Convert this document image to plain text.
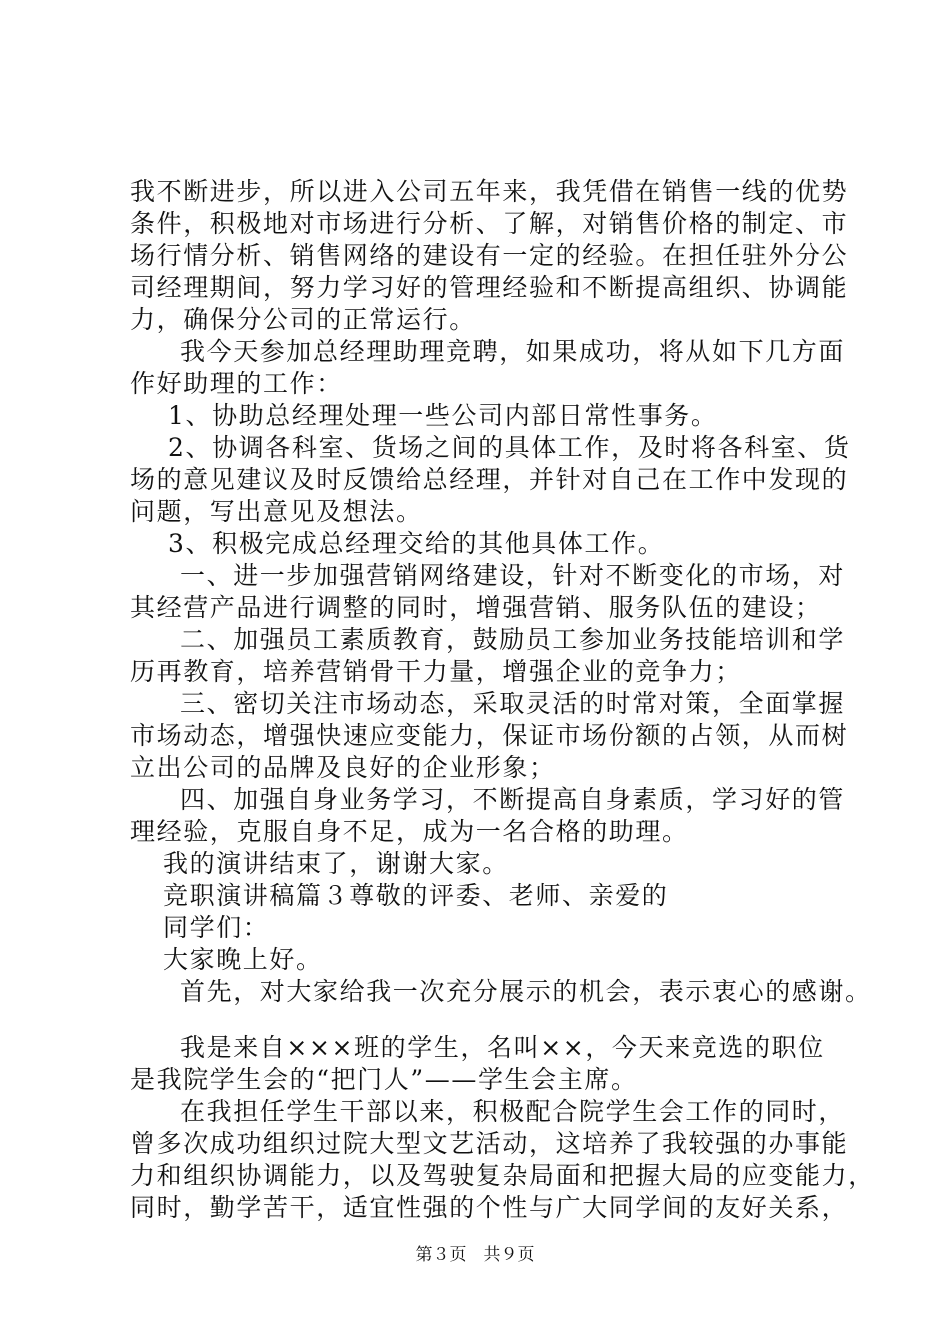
我不断进步，所以进入公司五年来，我凭借在销售一线的优势
条件，积极地对市场进行分析、了解，对销售价格的制定、市
场行情分析、销售网络的建设有一定的经验。在担任驻外分公
司经理期间，努力学习好的管理经验和不断提高组织、协调能
力，确保分公司的正常运行。
我今天参加总经理助理竞聘，如果成功，将从如下几方面
作好助理的工作：
1、协助总经理处理一些公司内部日常性事务。
2、协调各科室、货场之间的具体工作，及时将各科室、货
场的意见建议及时反馈给总经理，并针对自己在工作中发现的
问题，写出意见及想法。
3、积极完成总经理交给的其他具体工作。
一、进一步加强营销网络建设，针对不断变化的市场，对
其经营产品进行调整的同时，增强营销、服务队伍的建设；
二、加强员工素质教育，鼓励员工参加业务技能培训和学
历再教育，培养营销骨干力量，增强企业的竞争力；
三、密切关注市场动态，采取灵活的时常对策，全面掌握
市场动态，增强快速应变能力，保证市场份额的占领，从而树
立出公司的品牌及良好的企业形象；
四、加强自身业务学习，不断提高自身素质，学习好的管
理经验，克服自身不足，成为一名合格的助理。
我的演讲结束了，谢谢大家。
竞职演讲稿篇３尊敬的评委、老师、亲爱的
同学们：
大家晚上好。
首先，对大家给我一次充分展示的机会，表示衷心的感谢。
我是来自×××班的学生，名叫××，今天来竞选的职位
是我院学生会的“把门人”——学生会主席。
在我担任学生干部以来，积极配合院学生会工作的同时，
曾多次成功组织过院大型文艺活动，这培养了我较强的办事能
力和组织协调能力，以及驾驶复杂局面和把握大局的应变能力，
同时，勤学苦干，适宜性强的个性与广大同学间的友好关系，
第３页　共９页
